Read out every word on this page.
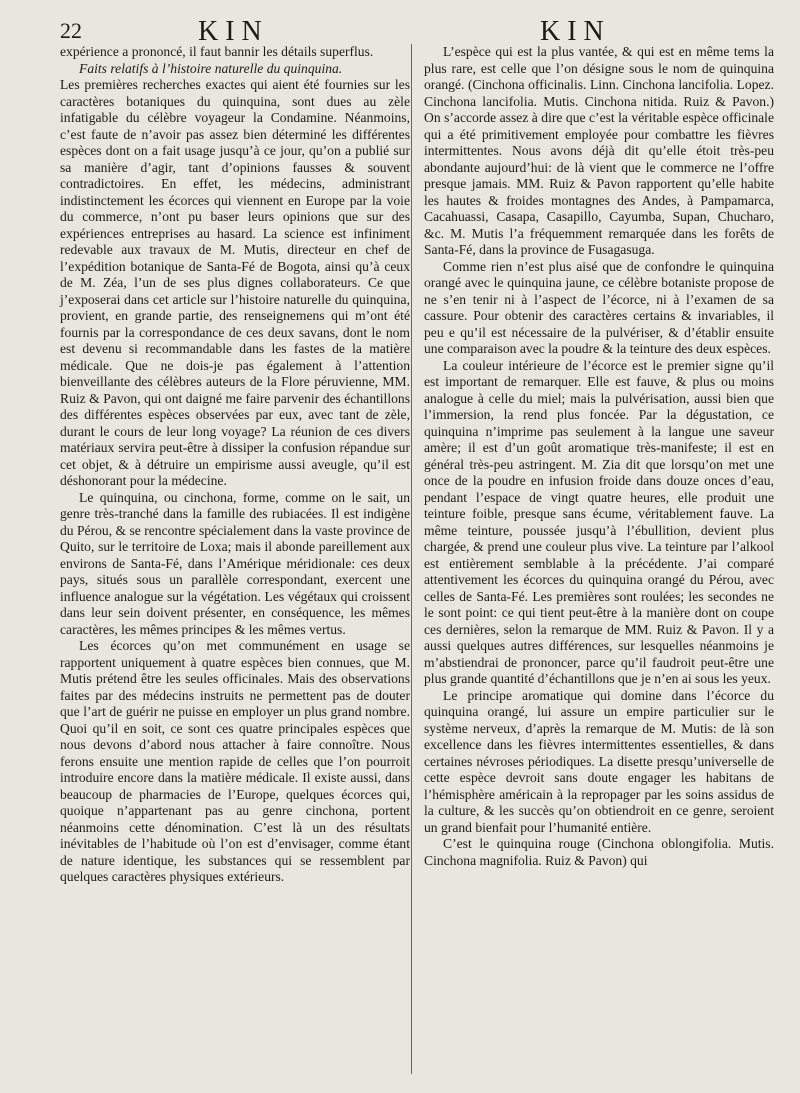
22	KIN	KIN

expérience a prononcé, il faut bannir les détails superflus.

Faits relatifs à l’histoire naturelle du quinquina.

Les premières recherches exactes qui aient été fournies sur les caractères botaniques du quinquina, sont dues au zèle infatigable du célèbre voyageur la Condamine. Néanmoins, c’est faute de n’avoir pas assez bien déterminé les différentes espèces dont on a fait usage jusqu’à ce jour, qu’on a publié sur sa manière d’agir, tant d’opinions fausses & souvent contradictoires. En effet, les médecins, administrant indistinctement les écorces qui viennent en Europe par la voie du commerce, n’ont pu baser leurs opinions que sur des expériences entreprises au hasard. La science est infiniment redevable aux travaux de M. Mutis, directeur en chef de l’expédition botanique de Santa-Fé de Bogota, ainsi qu’à ceux de M. Zéa, l’un de ses plus dignes collaborateurs. Ce que j’exposerai dans cet article sur l’histoire naturelle du quinquina, provient, en grande partie, des renseignemens qui m’ont été fournis par la correspondance de ces deux savans, dont le nom est devenu si recommandable dans les fastes de la matière médicale. Que ne dois-je pas également à l’attention bienveillante des célèbres auteurs de la Flore péruvienne, MM. Ruiz & Pavon, qui ont daigné me faire parvenir des échantillons des différentes espèces observées par eux, avec tant de zèle, durant le cours de leur long voyage? La réunion de ces divers matériaux servira peut-être à dissiper la confusion répandue sur cet objet, & à détruire un empirisme aussi aveugle, qu’il est déshonorant pour la médecine.

Le quinquina, ou cinchona, forme, comme on le sait, un genre très-tranché dans la famille des rubiacées. Il est indigène du Pérou, & se rencontre spécialement dans la vaste province de Quito, sur le territoire de Loxa; mais il abonde pareillement aux environs de Santa-Fé, dans l’Amérique méridionale: ces deux pays, situés sous un parallèle correspondant, exercent une influence analogue sur la végétation. Les végétaux qui croissent dans leur sein doivent présenter, en conséquence, les mêmes caractères, les mêmes principes & les mêmes vertus.

Les écorces qu’on met communément en usage se rapportent uniquement à quatre espèces bien connues, que M. Mutis prétend être les seules officinales. Mais des observations faites par des médecins instruits ne permettent pas de douter que l’art de guérir ne puisse en employer un plus grand nombre. Quoi qu’il en soit, ce sont ces quatre principales espèces que nous devons d’abord nous attacher à faire connoître. Nous ferons ensuite une mention rapide de celles que l’on pourroit introduire encore dans la matière médicale. Il existe aussi, dans beaucoup de pharmacies de l’Europe, quelques écorces qui, quoique n’appartenant pas au genre cinchona, portent néanmoins cette dénomination. C’est là un des résultats inévitables de l’habitude où l’on est d’envisager, comme étant de nature identique, les substances qui se ressemblent par quelques caractères physiques extérieurs.

L’espèce qui est la plus vantée, & qui est en même tems la plus rare, est celle que l’on désigne sous le nom de quinquina orangé. (Cinchona officinalis. Linn. Cinchona lancifolia. Lopez. Cinchona lancifolia. Mutis. Cinchona nitida. Ruiz & Pavon.) On s’accorde assez à dire que c’est la véritable espèce officinale qui a été primitivement employée pour combattre les fièvres intermittentes. Nous avons déjà dit qu’elle étoit très-peu abondante aujourd’hui: de là vient que le commerce ne l’offre presque jamais. MM. Ruiz & Pavon rapportent qu’elle habite les hautes & froides montagnes des Andes, à Pampamarca, Cacahuassi, Casapa, Casapillo, Cayumba, Supan, Chucharo, &c. M. Mutis l’a fréquemment remarquée dans les forêts de Santa-Fé, dans la province de Fusagasuga.

Comme rien n’est plus aisé que de confondre le quinquina orangé avec le quinquina jaune, ce célèbre botaniste propose de ne s’en tenir ni à l’aspect de l’écorce, ni à l’examen de sa cassure. Pour obtenir des caractères certains & invariables, il peu e qu’il est nécessaire de la pulvériser, & d’établir ensuite une comparaison avec la poudre & la teinture des deux espèces.

La couleur intérieure de l’écorce est le premier signe qu’il est important de remarquer. Elle est fauve, & plus ou moins analogue à celle du miel; mais la pulvérisation, aussi bien que l’immersion, la rend plus foncée. Par la dégustation, ce quinquina n’imprime pas seulement à la langue une saveur amère; il est d’un goût aromatique très-manifeste; il est en général très-peu astringent. M. Zia dit que lorsqu’on met une once de la poudre en infusion froide dans douze onces d’eau, pendant l’espace de vingt quatre heures, elle produit une teinture foible, presque sans écume, véritablement fauve. La même teinture, poussée jusqu’à l’ébullition, devient plus chargée, & prend une couleur plus vive. La teinture par l’alkool est entièrement semblable à la précédente. J’ai comparé attentivement les écorces du quinquina orangé du Pérou, avec celles de Santa-Fé. Les premières sont roulées; les secondes ne le sont point: ce qui tient peut-être à la manière dont on coupe ces dernières, selon la remarque de MM. Ruiz & Pavon. Il y a aussi quelques autres différences, sur lesquelles néanmoins je m’abstiendrai de prononcer, parce qu’il faudroit peut-être une plus grande quantité d’échantillons que je n’en ai sous les yeux.

Le principe aromatique qui domine dans l’écorce du quinquina orangé, lui assure un empire particulier sur le système nerveux, d’après la remarque de M. Mutis: de là son excellence dans les fièvres intermittentes essentielles, & dans certaines névroses périodiques. La disette presqu’universelle de cette espèce devroit sans doute engager les habitans de l’hémisphère américain à la repropager par les soins assidus de la culture, & les succès qu’on obtiendroit en ce genre, seroient un grand bienfait pour l’humanité entière.

C’est le quinquina rouge (Cinchona oblongifolia. Mutis. Cinchona magnifolia. Ruiz & Pavon) qui
